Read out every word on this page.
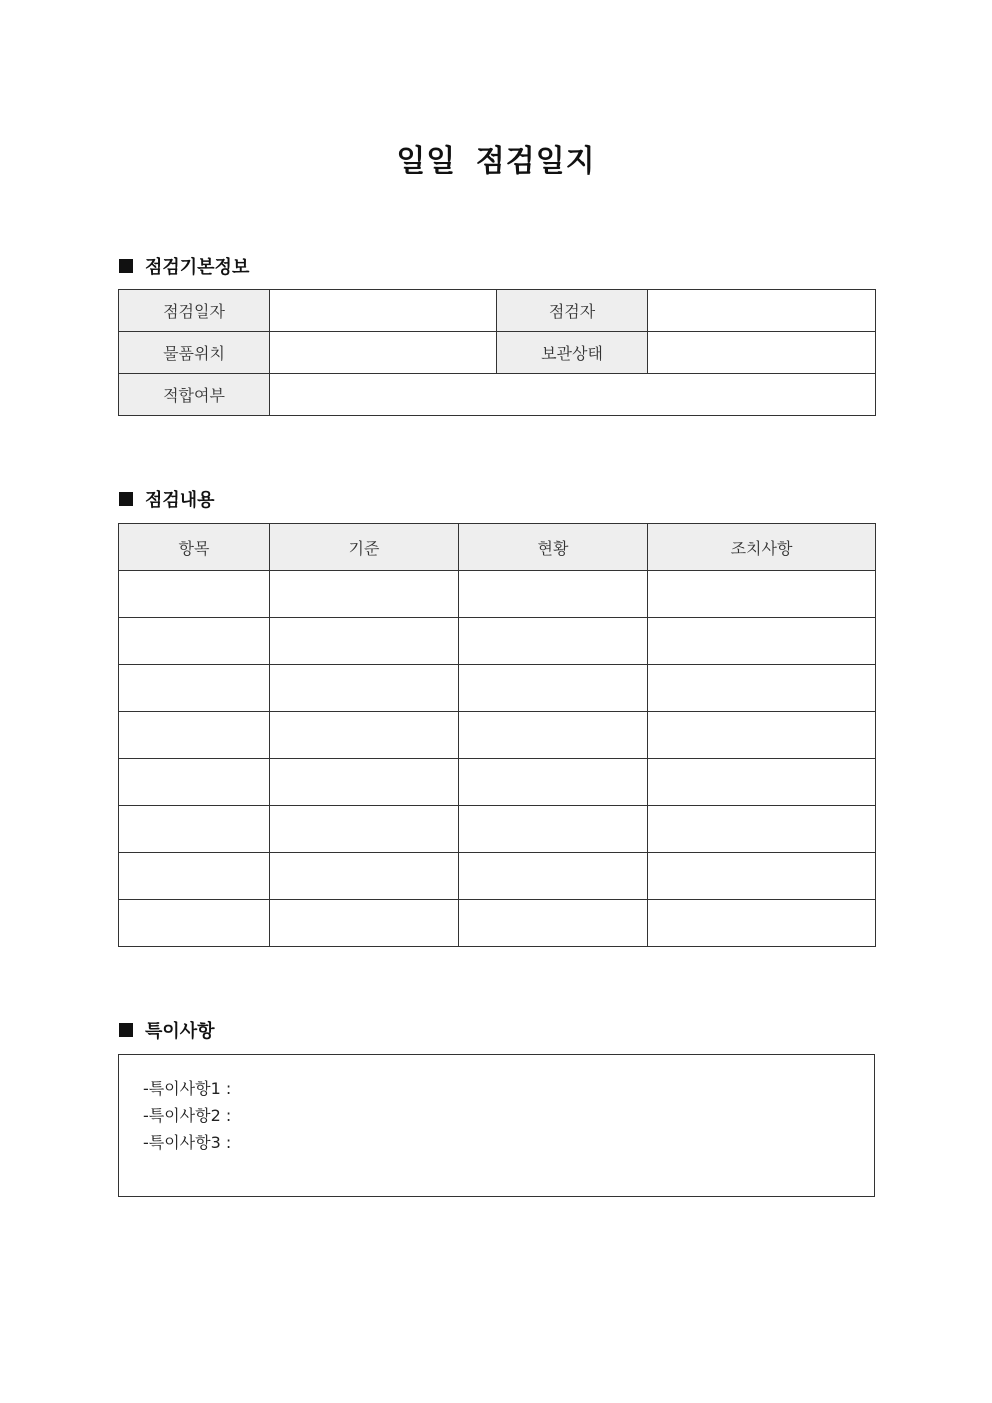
일일 점검일지
점검기본정보
점검일자		점검자	
물품위치		보관상태	
적합여부			
점검내용
항목	기준	현황	조치사항

특이사항
-특이사항1 :
-특이사항2 :
-특이사항3 :
